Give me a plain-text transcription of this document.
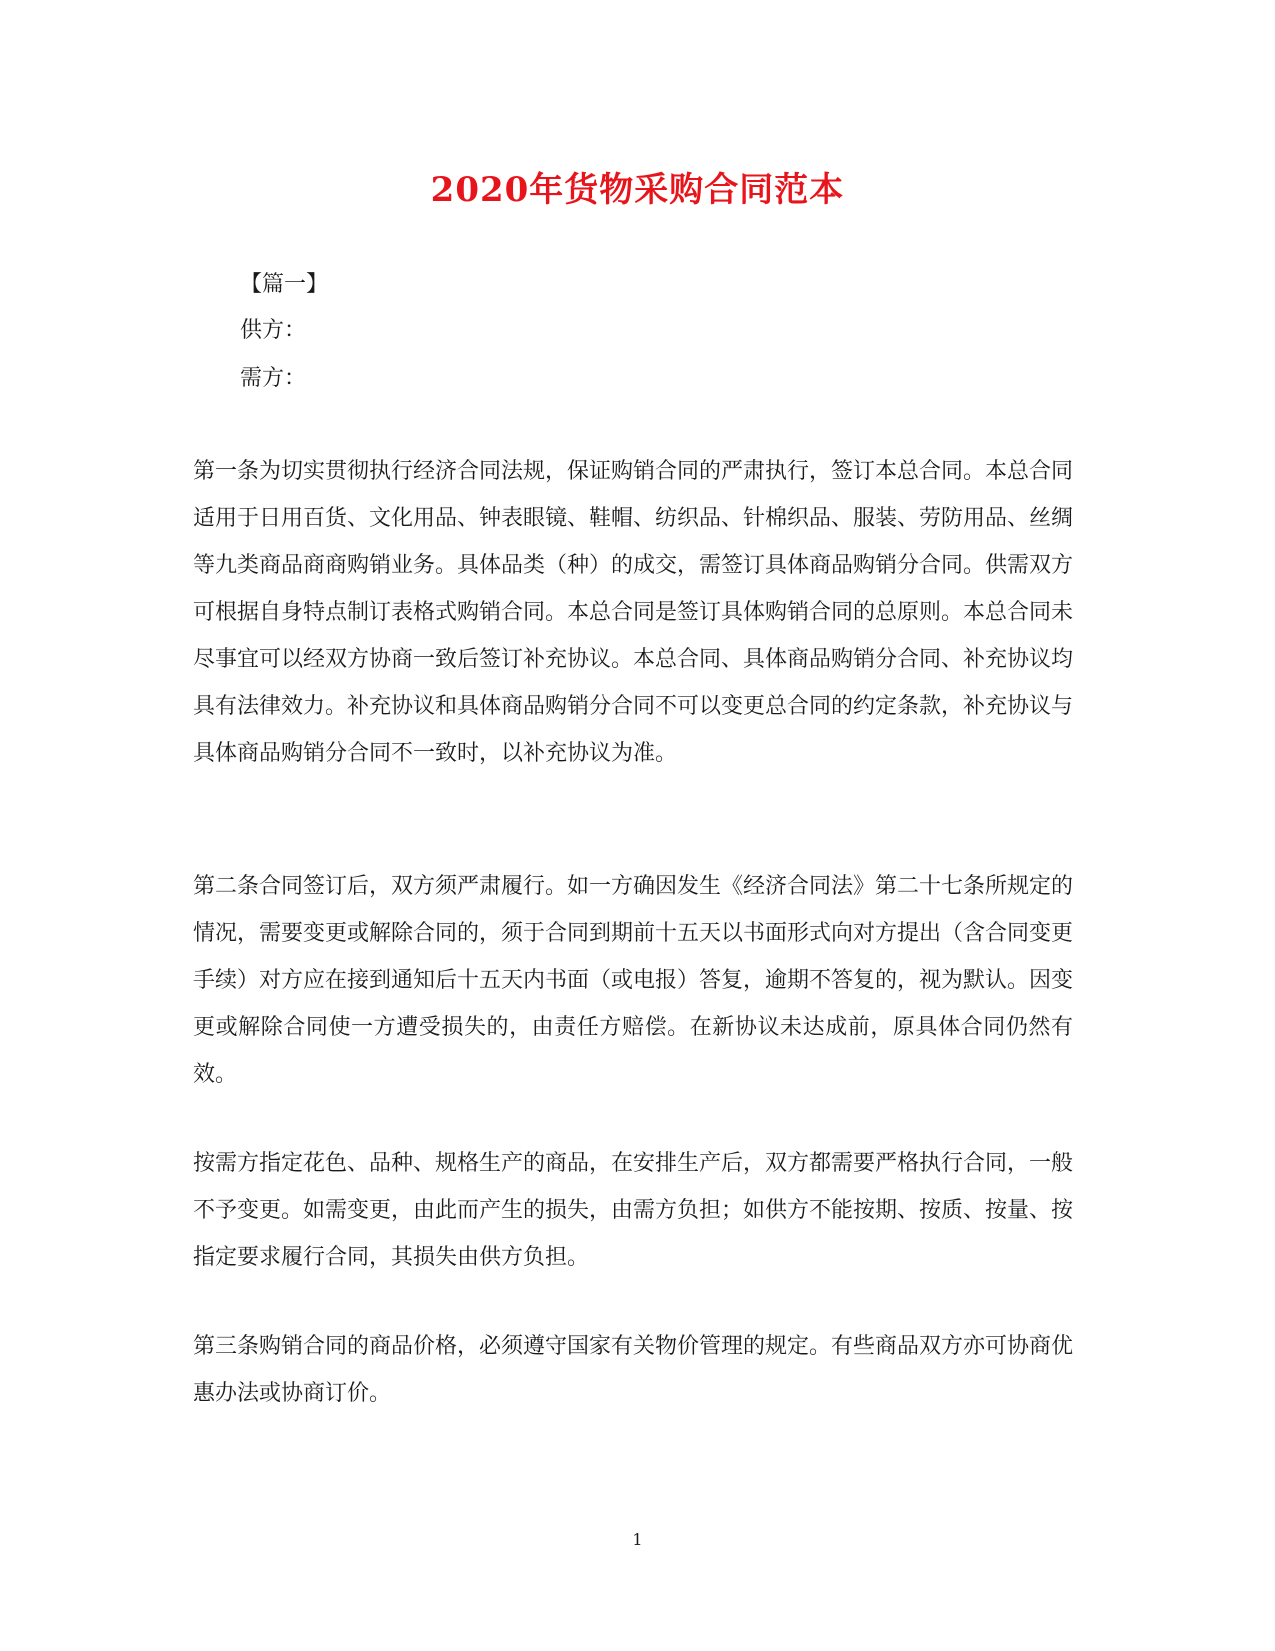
2020年货物采购合同范本
【篇一】
供方：
需方：
第一条为切实贯彻执行经济合同法规，保证购销合同的严肃执行，签订本总合同。本总合同适用于日用百货、文化用品、钟表眼镜、鞋帽、纺织品、针棉织品、服装、劳防用品、丝绸等九类商品商商购销业务。具体品类（种）的成交，需签订具体商品购销分合同。供需双方可根据自身特点制订表格式购销合同。本总合同是签订具体购销合同的总原则。本总合同未尽事宜可以经双方协商一致后签订补充协议。本总合同、具体商品购销分合同、补充协议均具有法律效力。补充协议和具体商品购销分合同不可以变更总合同的约定条款，补充协议与具体商品购销分合同不一致时，以补充协议为准。
第二条合同签订后，双方须严肃履行。如一方确因发生《经济合同法》第二十七条所规定的情况，需要变更或解除合同的，须于合同到期前十五天以书面形式向对方提出（含合同变更手续）对方应在接到通知后十五天内书面（或电报）答复，逾期不答复的，视为默认。因变更或解除合同使一方遭受损失的，由责任方赔偿。在新协议未达成前，原具体合同仍然有效。
按需方指定花色、品种、规格生产的商品，在安排生产后，双方都需要严格执行合同，一般不予变更。如需变更，由此而产生的损失，由需方负担；如供方不能按期、按质、按量、按指定要求履行合同，其损失由供方负担。
第三条购销合同的商品价格，必须遵守国家有关物价管理的规定。有些商品双方亦可协商优惠办法或协商订价。
1
